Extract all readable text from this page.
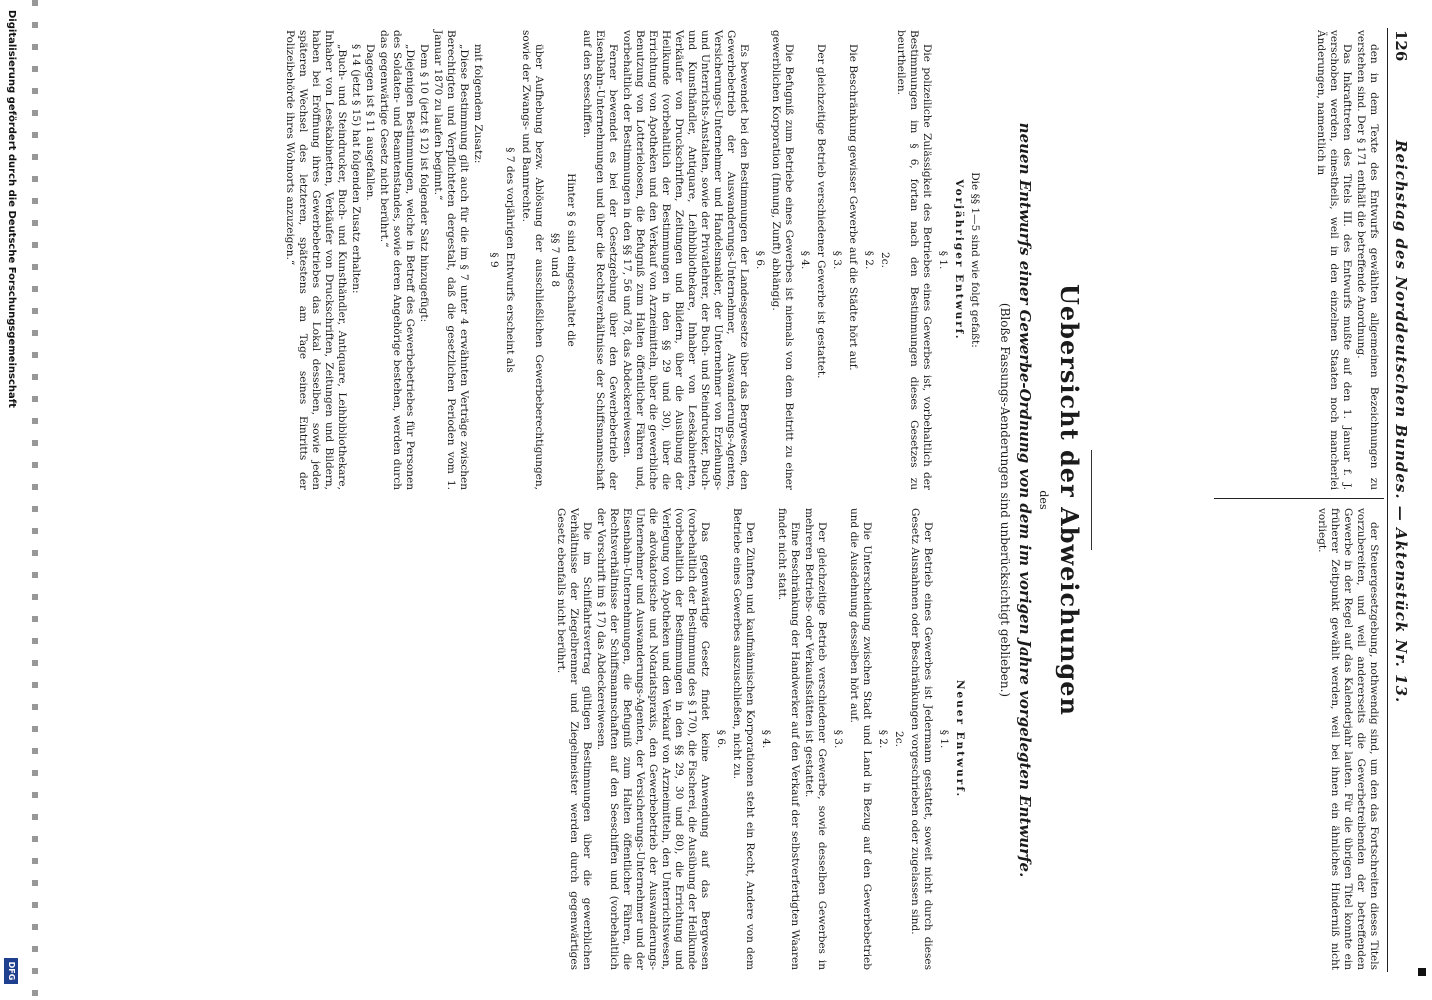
126
Reichstag des Norddeutschen Bundes. — Aktenstück Nr. 13.

den in dem Texte des Entwurfs gewählten allgemeinen Bezeichnungen zu verstehen sind. Der § 171 enthält die betreffende Anordnung.

Das Inkrafttreten des Titels III. des Entwurfs mußte auf den 1. Januar f. J. verschoben werden, einestheils, weil in den einzelnen Staaten noch mancherlei Änderungen, namentlich in

der Steuergesetzgebung, nothwendig sind, um den das Fortschreiten dieses Titels vorzubereiten, und weil andererseits die Gewerbetreibenden der betreffenden Gewerbe in der Regel auf das Kalenderjahr lauten. Für die übrigen Titel konnte ein früherer Zeitpunkt gewählt werden, weil bei ihnen ein ähnliches Hinderniß nicht vorliegt.

Uebersicht der Abweichungen
des
neuen Entwurfs einer Gewerbe-Ordnung von dem im vorigen Jahre vorgelegten Entwurfe.
(Bloße Fassungs-Aenderungen sind unberücksichtigt geblieben.)

Die §§ 1—5 sind wie folgt gefaßt:

Vorjähriger Entwurf.

§ 1.

Die polizeiliche Zulässigkeit des Betriebes eines Gewerbes ist, vorbehaltlich der Bestimmungen im § 6, fortan nach den Bestimmungen dieses Gesetzes zu beurtheilen.

2c.

§ 2.

Die Beschränkung gewisser Gewerbe auf die Städte hört auf.

§ 3.

Der gleichzeitige Betrieb verschiedener Gewerbe ist gestattet.

§ 4.

Die Befugniß zum Betriebe eines Gewerbes ist niemals von dem Beitritt zu einer gewerblichen Korporation (Innung, Zunft) abhängig.

§ 6.

Es bewendet bei den Bestimmungen der Landesgesetze über das Bergwesen, den Gewerbebetrieb der Auswanderungs-Unternehmer, Auswanderungs-Agenten, Versicherungs-Unternehmer und Handelsmakler, der Unternehmer von Erziehungs- und Unterrichts-Anstalten, sowie der Privatlehrer, der Buch- und Steindrucker, Buch- und Kunsthändler, Antiquare, Leihbibliothekare, Inhaber von Lesekabinetten, Verkäufer von Druckschriften, Zeitungen und Bildern, über die Ausübung der Heilkunde (vorbehaltlich der Bestimmungen in den §§ 29 und 30), über die Errichtung von Apotheken und den Verkauf von Arzneimitteln, über die gewerbliche Benutzung von Lotterieloosen, die Befugniß zum Halten öffentlicher Fähren und, vorbehaltlich der Bestimmungen in den §§ 17, 56 und 78, das Abdeckereiwesen.

Ferner bewendet es bei der Gesetzgebung über den Gewerbebetrieb der Eisenbahn-Unternehmungen und über die Rechtsverhältnisse der Schiffsmannschaft auf den Seeschiffen.

Hinter § 6 sind eingeschaltet die

§§ 7 und 8

über Aufhebung bezw. Ablösung der ausschließlichen Gewerbeberechtigungen, sowie der Zwangs- und Bannrechte.

§ 7 des vorjährigen Entwurfs erscheint als

§ 9

mit folgendem Zusatz:

„Diese Bestimmung gilt auch für die im § 7 unter 4 erwähnten Verträge zwischen Berechtigten und Verpflichteten dergestalt, daß die gesetzlichen Perioden vom 1. Januar 1870 zu laufen beginnt.“

Dem § 10 (jetzt § 12) ist folgender Satz hinzugefügt:

„Diejenigen Bestimmungen, welche in Betreff des Gewerbebetriebes für Personen des Soldaten- und Beamtenstandes, sowie deren Angehörige bestehen, werden durch das gegenwärtige Gesetz nicht berührt.“

Dagegen ist § 11 ausgefallen.

§ 14 (jetzt § 15) hat folgenden Zusatz erhalten:

„Buch- und Steindrucker, Buch- und Kunsthändler, Antiquare, Leihbibliothekare, Inhaber von Lesekabinetten, Verkäufer von Druckschriften, Zeitungen und Bildern, haben bei Eröffnung ihres Gewerbebetriebes das Lokal desselben, sowie jeden späteren Wechsel des letzteren, spätestens am Tage seines Eintritts der Polizeibehörde ihres Wohnorts anzuzeigen.“

Neuer Entwurf.

§ 1.

Der Betrieb eines Gewerbes ist Jedermann gestattet, soweit nicht durch dieses Gesetz Ausnahmen oder Beschränkungen vorgeschrieben oder zugelassen sind.

2c.

§ 2.

Die Unterscheidung zwischen Stadt und Land in Bezug auf den Gewerbebetrieb und die Ausdehnung desselben hört auf.

§ 3.

Der gleichzeitige Betrieb verschiedener Gewerbe, sowie desselben Gewerbes in mehreren Betriebs- oder Verkaufsstätten ist gestattet.

Eine Beschränkung der Handwerker auf den Verkauf der selbstverfertigten Waaren findet nicht statt.

§ 4.

Den Zünften und kaufmännischen Korporationen steht ein Recht, Andere von dem Betriebe eines Gewerbes auszuschließen, nicht zu.

§ 6.

Das gegenwärtige Gesetz findet keine Anwendung auf das Bergwesen (vorbehaltlich der Bestimmung des § 170), die Fischerei, die Ausübung der Heilkunde (vorbehaltlich der Bestimmungen in den §§ 29, 30 und 80), die Errichtung und Verlegung von Apotheken und den Verkauf von Arzneimitteln, den Unterrichtswesen, die advokatorische und Notariatspraxis, den Gewerbebetrieb der Auswanderungs-Unternehmer und Auswanderungs-Agenten, der Versicherungs-Unternehmer und der Eisenbahn-Unternehmungen, die Befugniß zum Halten öffentlicher Fähren, die Rechtsverhältnisse der Schiffsmannschaften auf den Seeschiffen und (vorbehaltlich der Vorschrift im § 17) das Abdeckereiwesen.

Die im Schiffahrtsvertrag gültigen Bestimmungen über die gewerblichen Verhältnisse der Ziegelbrenner und Ziegelmeister werden durch gegenwärtiges Gesetz ebenfalls nicht berührt.

Digitalisierung gefördert durch die Deutsche Forschungsgemeinschaft
DFG
